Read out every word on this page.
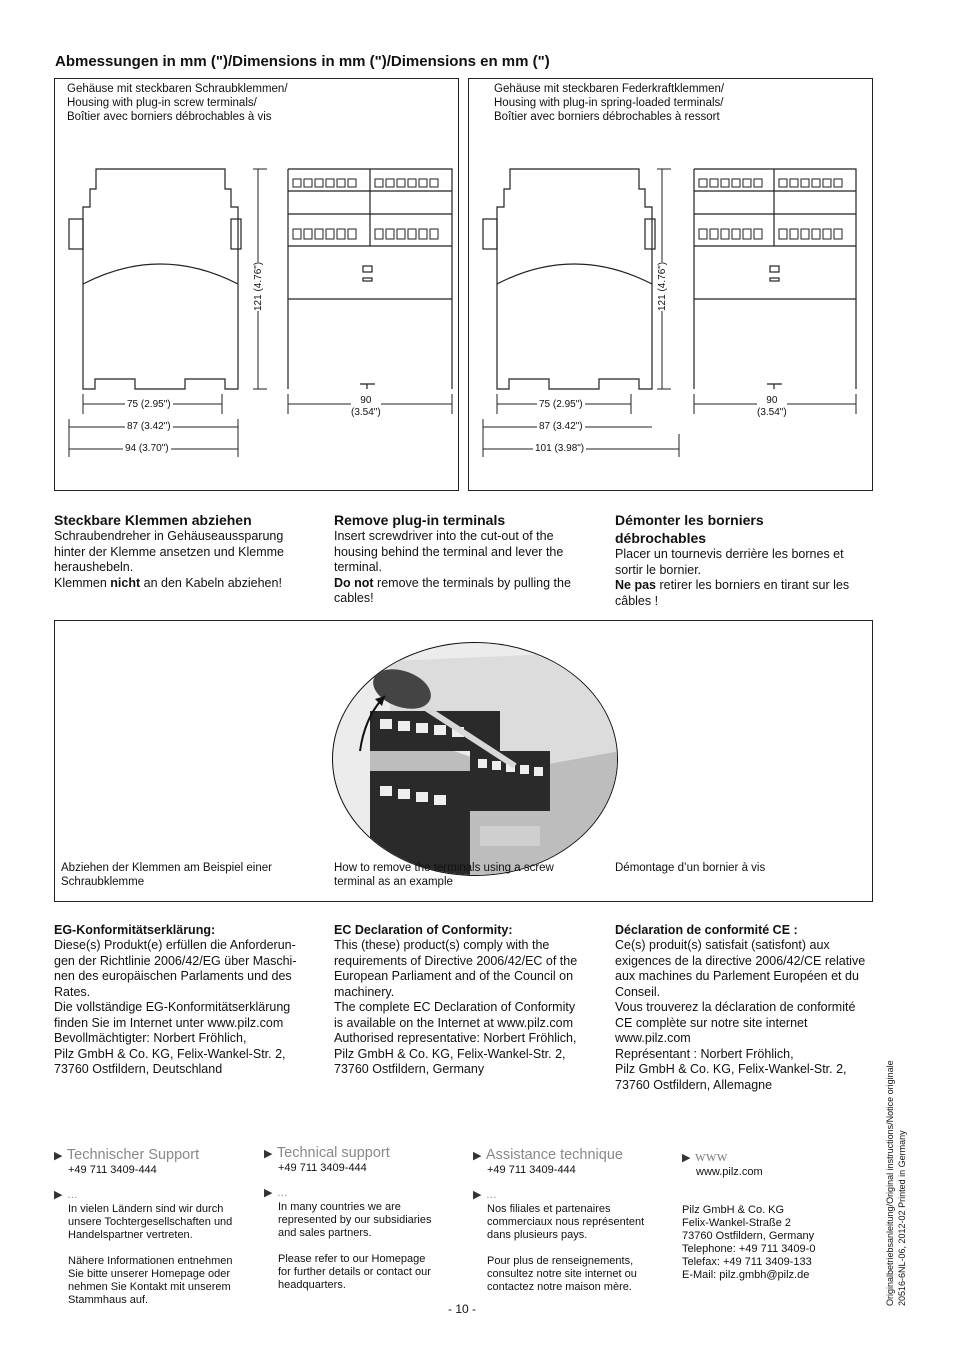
Abmessungen in mm (")/Dimensions in mm (")/Dimensions en mm (")
Gehäuse mit steckbaren Schraubklemmen/
Housing with plug-in screw terminals/
Boîtier avec borniers débrochables à vis
75 (2.95")
87 (3.42")
94 (3.70")
90
(3.54")
121 (4.76")
Gehäuse mit steckbaren Federkraftklemmen/
Housing with plug-in spring-loaded terminals/
Boîtier avec borniers débrochables à ressort
75 (2.95")
87 (3.42")
101 (3.98")
90
(3.54")
121 (4.76")
Steckbare Klemmen abziehen
Schraubendreher in Gehäuseaussparung hinter der Klemme ansetzen und Klemme heraushebeln.
Klemmen nicht an den Kabeln abziehen!
Remove plug-in terminals
Insert screwdriver into the cut-out of the housing behind the terminal and lever the terminal.
Do not remove the terminals by pulling the cables!
Démonter les borniers débrochables
Placer un tournevis derrière les bornes et sortir le bornier.
Ne pas retirer les borniers en tirant sur les câbles !
Abziehen der Klemmen am Beispiel einer Schraubklemme
How to remove the terminals using a screw terminal as an example
Démontage d’un bornier à vis
EG-Konformitätserklärung:
Diese(s) Produkt(e) erfüllen die Anforderun-
gen der Richtlinie 2006/42/EG über Maschi-
nen des europäischen Parlaments und des
Rates.
Die vollständige EG-Konformitätserklärung
finden Sie im Internet unter www.pilz.com
Bevollmächtigter: Norbert Fröhlich,
Pilz GmbH & Co. KG, Felix-Wankel-Str. 2,
73760 Ostfildern, Deutschland
EC Declaration of Conformity:
This (these) product(s) comply with the
requirements of Directive 2006/42/EC of the
European Parliament and of the Council on
machinery.
The complete EC Declaration of Conformity
is available on the Internet at www.pilz.com
Authorised representative: Norbert Fröhlich,
Pilz GmbH & Co. KG, Felix-Wankel-Str. 2,
73760 Ostfildern, Germany
Déclaration de conformité CE :
Ce(s) produit(s) satisfait (satisfont) aux
exigences de la directive 2006/42/CE relative
aux machines du Parlement Européen et du
Conseil.
Vous trouverez la déclaration de conformité
CE complète sur notre site internet
www.pilz.com
Représentant : Norbert Fröhlich,
Pilz GmbH & Co. KG, Felix-Wankel-Str. 2,
73760 Ostfildern, Allemagne
▶ Technischer Support
+49 711 3409-444
▶ …
In vielen Ländern sind wir durch
unsere Tochtergesellschaften und
Handelspartner vertreten.
Nähere Informationen entnehmen
Sie bitte unserer Homepage oder
nehmen Sie Kontakt mit unserem
Stammhaus auf.
▶ Technical support
+49 711 3409-444
▶ …
In many countries we are
represented by our subsidiaries
and sales partners.
Please refer to our Homepage
for further details or contact our
headquarters.
▶ Assistance technique
+49 711 3409-444
▶ …
Nos filiales et partenaires
commerciaux nous représentent
dans plusieurs pays.
Pour plus de renseignements,
consultez notre site internet ou
contactez notre maison mère.
▶ www
www.pilz.com
Pilz GmbH & Co. KG
Felix-Wankel-Straße 2
73760 Ostfildern, Germany
Telephone: +49 711 3409-0
Telefax: +49 711 3409-133
E-Mail: pilz.gmbh@pilz.de	Originalbetriebsanleitung/Original instructions/Notice originale 20516-6NL-06, 2012-02 Printed in Germany
- 10 -
